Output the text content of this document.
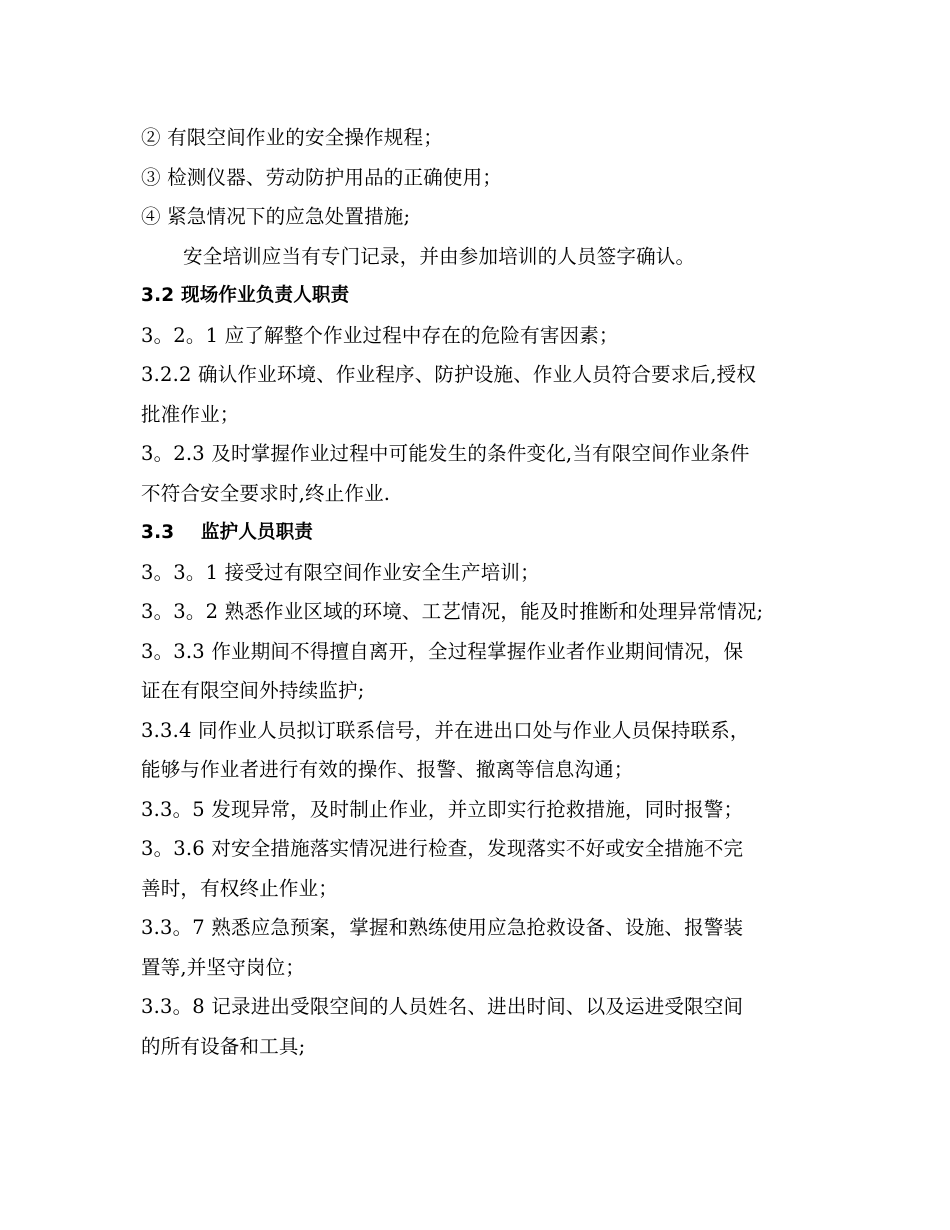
② 有限空间作业的安全操作规程；
③ 检测仪器、劳动防护用品的正确使用；
④ 紧急情况下的应急处置措施;
安全培训应当有专门记录，并由参加培训的人员签字确认。
3.2 现场作业负责人职责
3。2。1 应了解整个作业过程中存在的危险有害因素；
3.2.2 确认作业环境、作业程序、防护设施、作业人员符合要求后,授权
批准作业；
3。2.3 及时掌握作业过程中可能发生的条件变化,当有限空间作业条件
不符合安全要求时,终止作业.
3.3    监护人员职责
3。3。1 接受过有限空间作业安全生产培训；
3。3。2 熟悉作业区域的环境、工艺情况，能及时推断和处理异常情况;
3。3.3 作业期间不得擅自离开，全过程掌握作业者作业期间情况，保
证在有限空间外持续监护;
3.3.4 同作业人员拟订联系信号，并在进出口处与作业人员保持联系，
能够与作业者进行有效的操作、报警、撤离等信息沟通；
3.3。5 发现异常，及时制止作业，并立即实行抢救措施，同时报警；
3。3.6 对安全措施落实情况进行检查，发现落实不好或安全措施不完
善时，有权终止作业；
3.3。7 熟悉应急预案，掌握和熟练使用应急抢救设备、设施、报警装
置等,并坚守岗位；
3.3。8 记录进出受限空间的人员姓名、进出时间、以及运进受限空间
的所有设备和工具;
